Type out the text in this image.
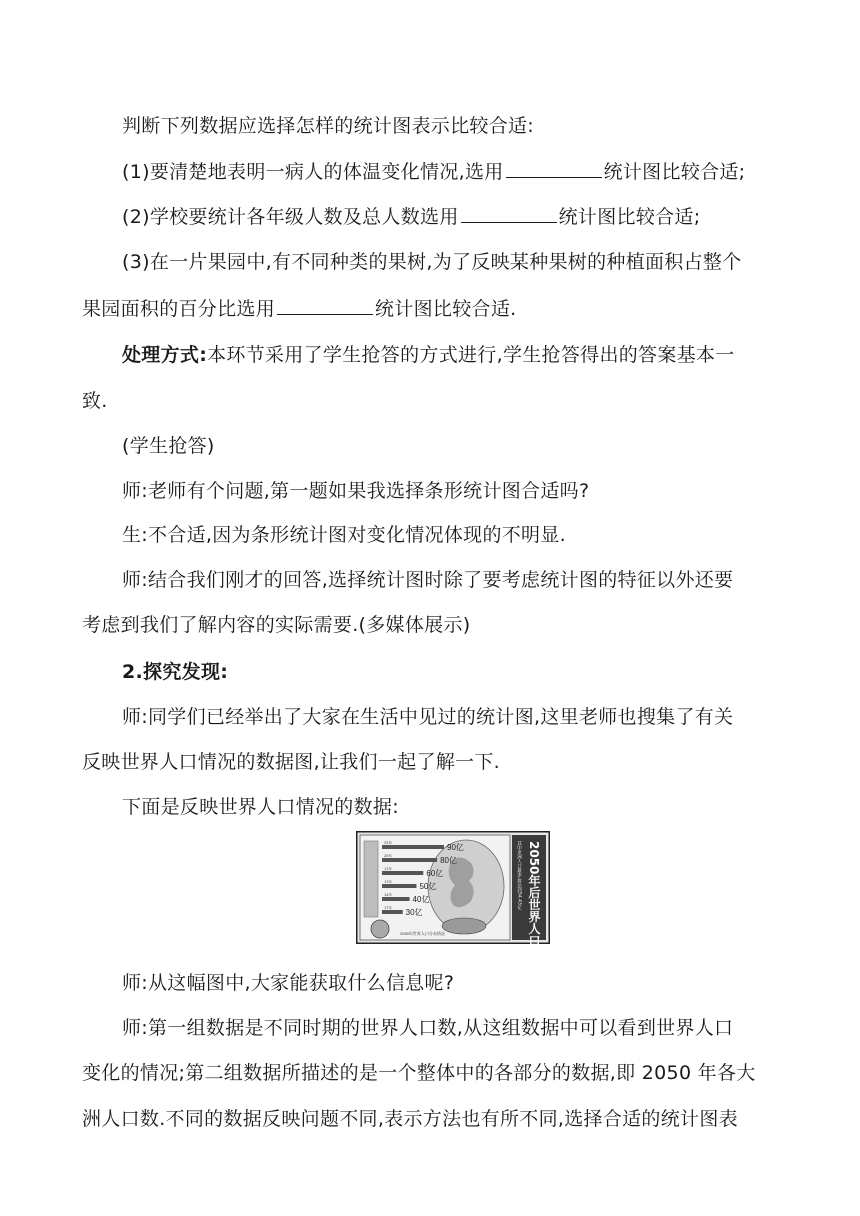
判断下列数据应选择怎样的统计图表示比较合适:
(1)要清楚地表明一病人的体温变化情况,选用	统计图比较合适;
(2)学校要统计各年级人数及总人数选用	统计图比较合适;
(3)在一片果园中,有不同种类的果树,为了反映某种果树的种植面积占整个
果园面积的百分比选用	统计图比较合适.
处理方式:本环节采用了学生抢答的方式进行,学生抢答得出的答案基本一
致.
(学生抢答)
师:老师有个问题,第一题如果我选择条形统计图合适吗?
生:不合适,因为条形统计图对变化情况体现的不明显.
师:结合我们刚才的回答,选择统计图时除了要考虑统计图的特征以外还要
考虑到我们了解内容的实际需要.(多媒体展示)
2.探究发现:
师:同学们已经举出了大家在生活中见过的统计图,这里老师也搜集了有关
反映世界人口情况的数据图,让我们一起了解一下.
下面是反映世界人口情况的数据:
25年	90亿
25年	80亿
12年	60亿
13年	50亿
14年	40亿
17年 30亿
2050年世界人口分布情况	2050年后世界人口
其中亚洲人口最多,将达到54.43亿
师:从这幅图中,大家能获取什么信息呢?
师:第一组数据是不同时期的世界人口数,从这组数据中可以看到世界人口
变化的情况;第二组数据所描述的是一个整体中的各部分的数据,即 2050 年各大
洲人口数.不同的数据反映问题不同,表示方法也有所不同,选择合适的统计图表
